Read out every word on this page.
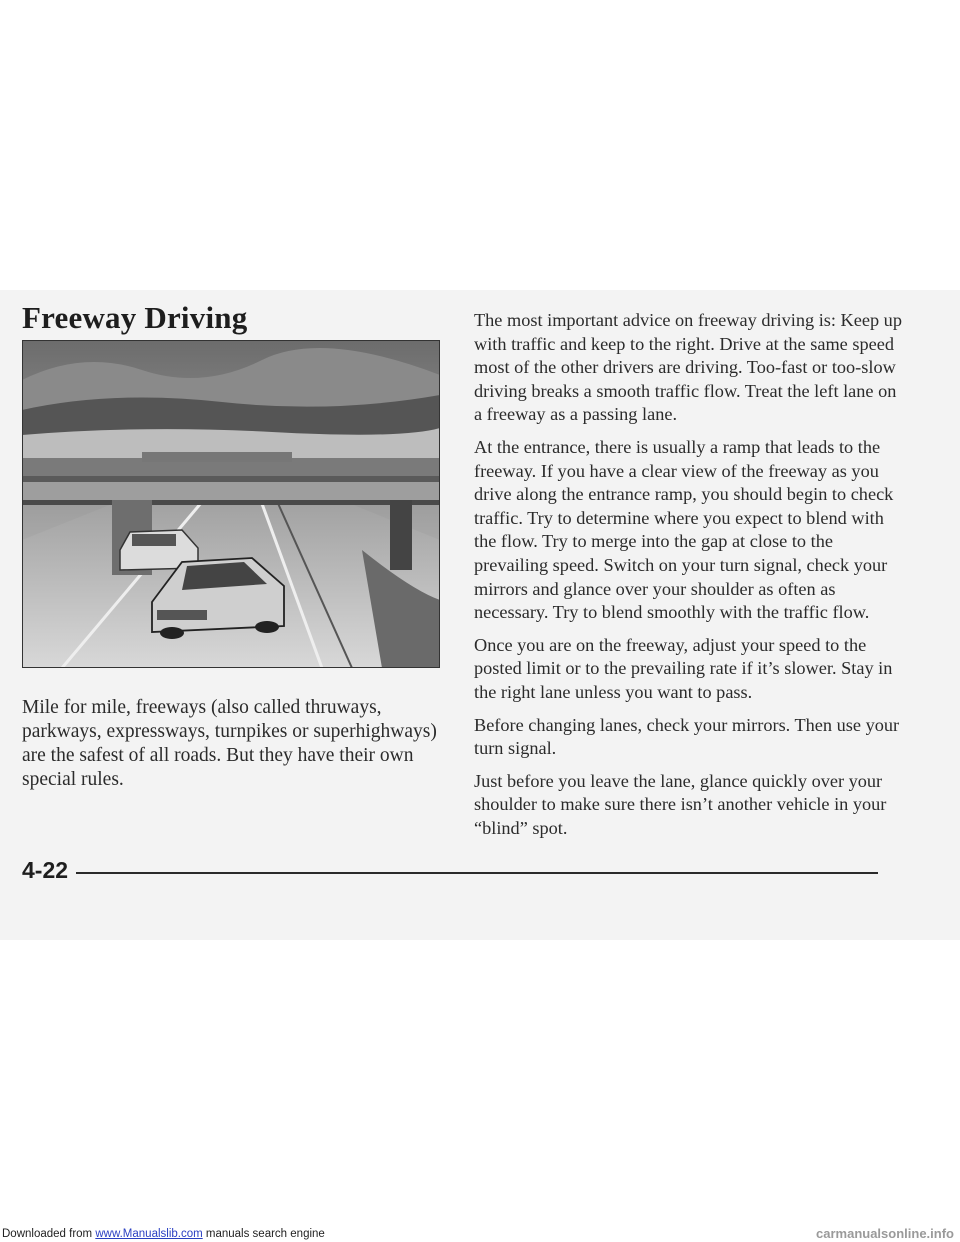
Freeway Driving

Mile for mile, freeways (also called thruways, parkways, expressways, turnpikes or superhighways) are the safest of all roads. But they have their own special rules.

The most important advice on freeway driving is: Keep up with traffic and keep to the right. Drive at the same speed most of the other drivers are driving. Too-fast or too-slow driving breaks a smooth traffic flow. Treat the left lane on a freeway as a passing lane.

At the entrance, there is usually a ramp that leads to the freeway. If you have a clear view of the freeway as you drive along the entrance ramp, you should begin to check traffic. Try to determine where you expect to blend with the flow. Try to merge into the gap at close to the prevailing speed. Switch on your turn signal, check your mirrors and glance over your shoulder as often as necessary. Try to blend smoothly with the traffic flow.

Once you are on the freeway, adjust your speed to the posted limit or to the prevailing rate if it’s slower. Stay in the right lane unless you want to pass.

Before changing lanes, check your mirrors. Then use your turn signal.

Just before you leave the lane, glance quickly over your shoulder to make sure there isn’t another vehicle in your “blind” spot.

4-22
Downloaded from www.Manualslib.com manuals search engine	carmanualsonline.info
